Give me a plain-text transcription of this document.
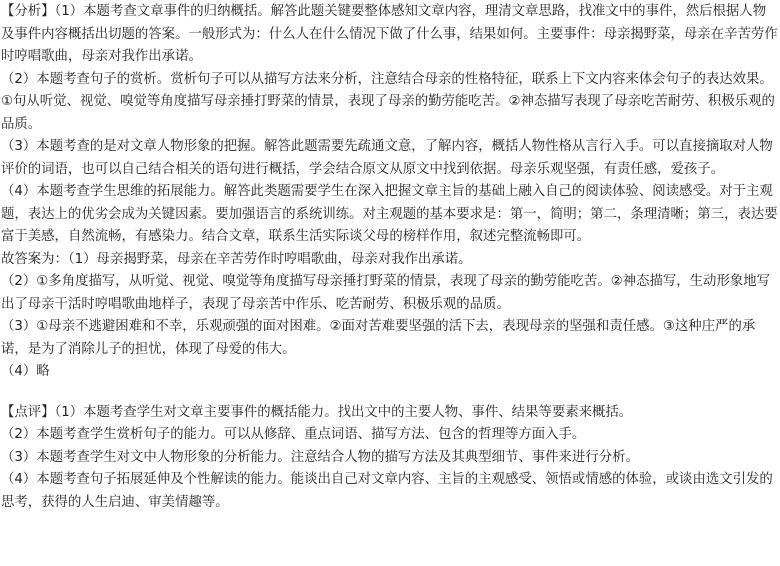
【分析】（1）本题考查文章事件的归纳概括。解答此题关键要整体感知文章内容，理清文章思路，找准文中的事件，然后根据人物及事件内容概括出切题的答案。一般形式为：什么人在什么情况下做了什么事，结果如何。主要事件：母亲揭野菜，母亲在辛苦劳作时哼唱歌曲，母亲对我作出承诺。

（2）本题考查句子的赏析。赏析句子可以从描写方法来分析，注意结合母亲的性格特征，联系上下文内容来体会句子的表达效果。①句从听觉、视觉、嗅觉等角度描写母亲捶打野菜的情景，表现了母亲的勤劳能吃苦。②神态描写表现了母亲吃苦耐劳、积极乐观的品质。

（3）本题考查的是对文章人物形象的把握。解答此题需要先疏通文意，了解内容，概括人物性格从言行入手。可以直接摘取对人物评价的词语，也可以自己结合相关的语句进行概括，学会结合原文从原文中找到依据。母亲乐观坚强，有责任感，爱孩子。

（4）本题考查学生思维的拓展能力。解答此类题需要学生在深入把握文章主旨的基础上融入自己的阅读体验、阅读感受。对于主观题，表达上的优劣会成为关键因素。要加强语言的系统训练。对主观题的基本要求是：第一，简明；第二，条理清晰；第三，表达要富于美感，自然流畅，有感染力。结合文章，联系生活实际谈父母的榜样作用，叙述完整流畅即可。

故答案为：（1）母亲揭野菜，母亲在辛苦劳作时哼唱歌曲，母亲对我作出承诺。

（2）①多角度描写，从听觉、视觉、嗅觉等角度描写母亲捶打野菜的情景，表现了母亲的勤劳能吃苦。②神态描写，生动形象地写出了母亲干活时哼唱歌曲地样子，表现了母亲苦中作乐、吃苦耐劳、积极乐观的品质。

（3）①母亲不逃避困难和不幸，乐观顽强的面对困难。②面对苦难要坚强的活下去，表现母亲的坚强和责任感。③这种庄严的承诺，是为了消除儿子的担忧，体现了母爱的伟大。

（4）略

【点评】（1）本题考查学生对文章主要事件的概括能力。找出文中的主要人物、事件、结果等要素来概括。

（2）本题考查学生赏析句子的能力。可以从修辞、重点词语、描写方法、包含的哲理等方面入手。

（3）本题考查学生对文中人物形象的分析能力。注意结合人物的描写方法及其典型细节、事件来进行分析。

（4）本题考查句子拓展延伸及个性解读的能力。能谈出自己对文章内容、主旨的主观感受、领悟或情感的体验，或谈由选文引发的思考，获得的人生启迪、审美情趣等。
